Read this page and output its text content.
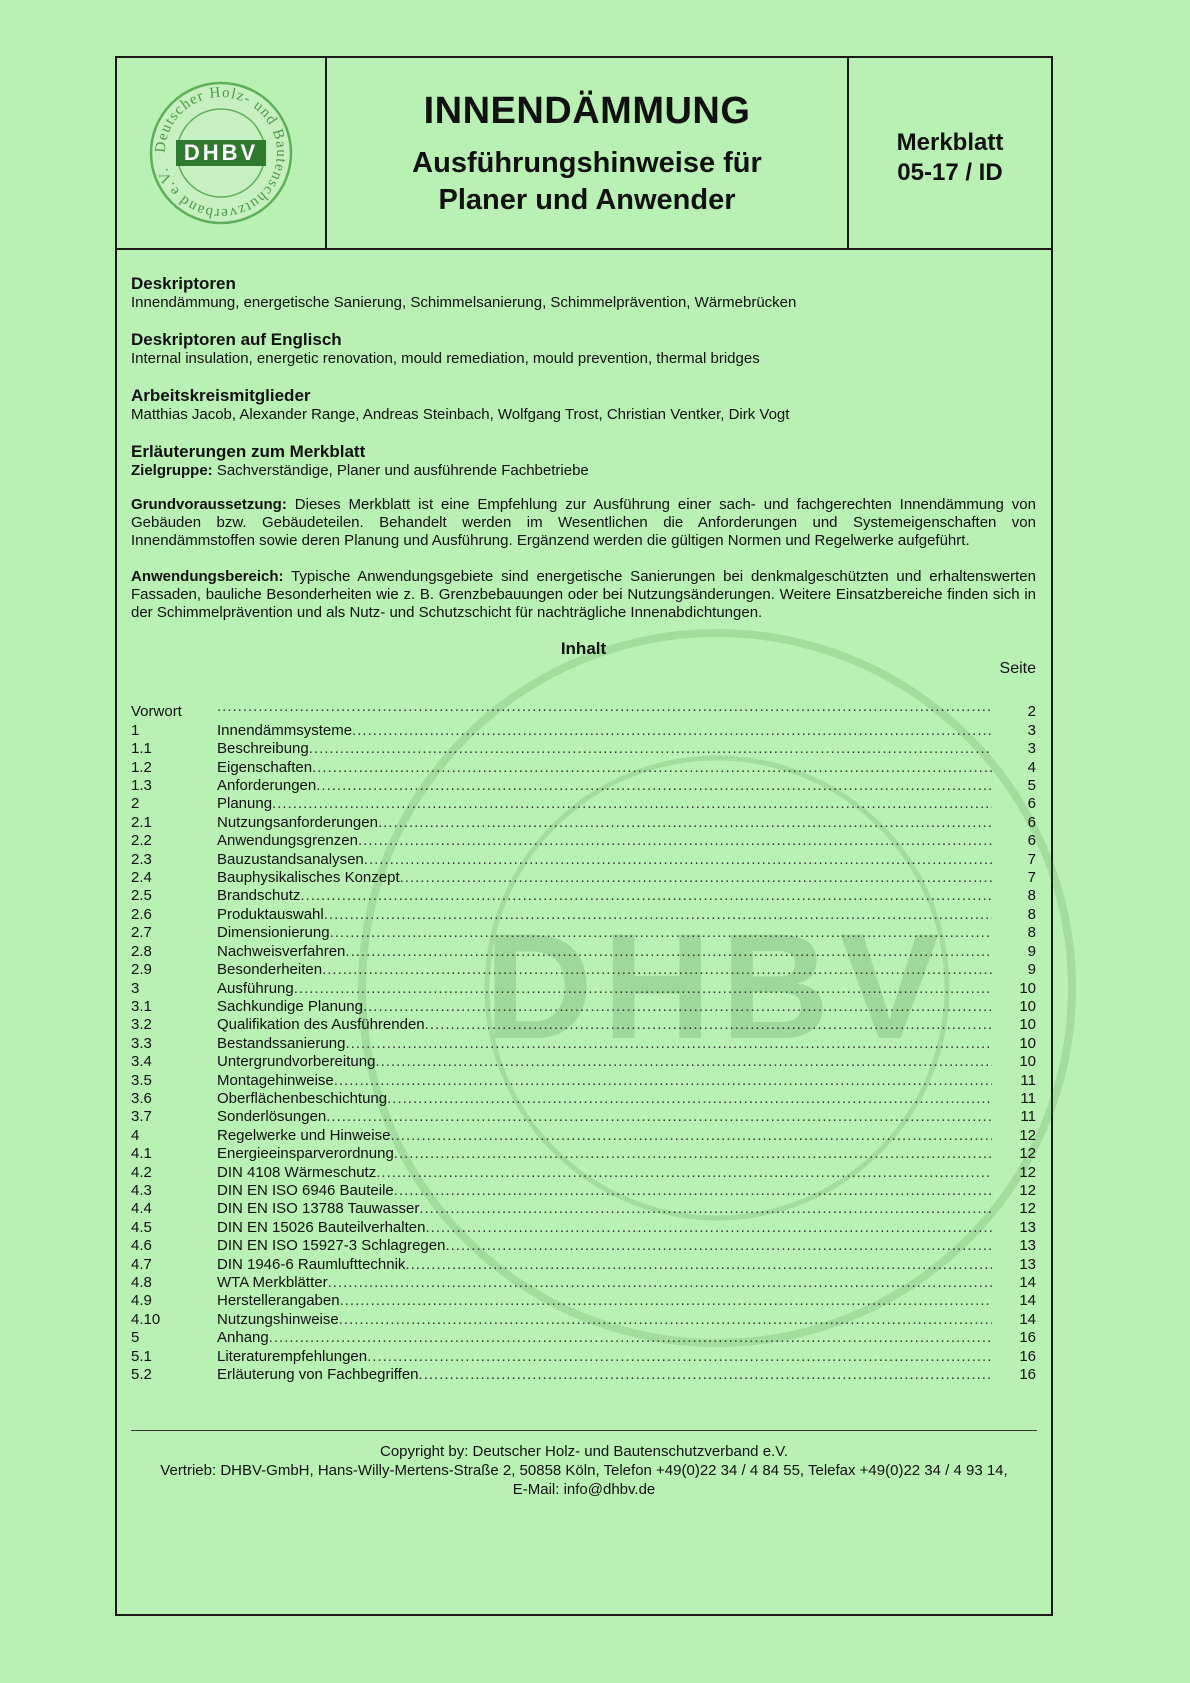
Deutscher Holz- und Bautenschutzverband e.V.
DHBV
INNENDÄMMUNG
Ausführungshinweise für
Planer und Anwender
Merkblatt
05-17 / ID
DHBV
Deskriptoren
Innendämmung, energetische Sanierung, Schimmelsanierung, Schimmelprävention, Wärmebrücken
Deskriptoren auf Englisch
Internal insulation, energetic renovation, mould remediation, mould prevention, thermal bridges
Arbeitskreismitglieder
Matthias Jacob, Alexander Range, Andreas Steinbach, Wolfgang Trost, Christian Ventker, Dirk Vogt
Erläuterungen zum Merkblatt
Zielgruppe: Sachverständige, Planer und ausführende Fachbetriebe
Grundvoraussetzung: Dieses Merkblatt ist eine Empfehlung zur Ausführung einer sach- und fachgerechten Innendämmung von Gebäuden bzw. Gebäudeteilen. Behandelt werden im Wesentlichen die Anforderungen und Systemeigenschaften von Innendämmstoffen sowie deren Planung und Ausführung. Ergänzend werden die gültigen Normen und Regelwerke aufgeführt.
Anwendungsbereich: Typische Anwendungsgebiete sind energetische Sanierungen bei denkmalgeschützten und erhaltenswerten Fassaden, bauliche Besonderheiten wie z. B. Grenzbebauungen oder bei Nutzungsänderungen. Weitere Einsatzbereiche finden sich in der Schimmelprävention und als Nutz- und Schutzschicht für nachträgliche Innenabdichtungen.
Inhalt
Seite
Vorwort .....	2
1	Innendämmsysteme .....	3
1.1	Beschreibung .....	3
1.2	Eigenschaften .....	4
1.3	Anforderungen .....	5
2	Planung .....	6
2.1	Nutzungsanforderungen .....	6
2.2	Anwendungsgrenzen .....	6
2.3	Bauzustandsanalysen .....	7
2.4	Bauphysikalisches Konzept .....	7
2.5	Brandschutz .....	8
2.6	Produktauswahl .....	8
2.7	Dimensionierung .....	8
2.8	Nachweisverfahren .....	9
2.9	Besonderheiten .....	9
3	Ausführung .....	10
3.1	Sachkundige Planung .....	10
3.2	Qualifikation des Ausführenden .....	10
3.3	Bestandssanierung .....	10
3.4	Untergrundvorbereitung .....	10
3.5	Montagehinweise .....	11
3.6	Oberflächenbeschichtung .....	11
3.7	Sonderlösungen .....	11
4	Regelwerke und Hinweise .....	12
4.1	Energieeinsparverordnung .....	12
4.2	DIN 4108 Wärmeschutz .....	12
4.3	DIN EN ISO 6946 Bauteile .....	12
4.4	DIN EN ISO 13788 Tauwasser .....	12
4.5	DIN EN 15026 Bauteilverhalten .....	13
4.6	DIN EN ISO 15927-3 Schlagregen .....	13
4.7	DIN 1946-6 Raumlufttechnik .....	13
4.8	WTA Merkblätter .....	14
4.9	Herstellerangaben .....	14
4.10	Nutzungshinweise .....	14
5	Anhang .....	16
5.1	Literaturempfehlungen .....	16
5.2	Erläuterung von Fachbegriffen .....	16
Copyright by: Deutscher Holz- und Bautenschutzverband e.V.
Vertrieb: DHBV-GmbH, Hans-Willy-Mertens-Straße 2, 50858 Köln, Telefon +49(0)22 34 / 4 84 55, Telefax +49(0)22 34 / 4 93 14,
E-Mail: info@dhbv.de
